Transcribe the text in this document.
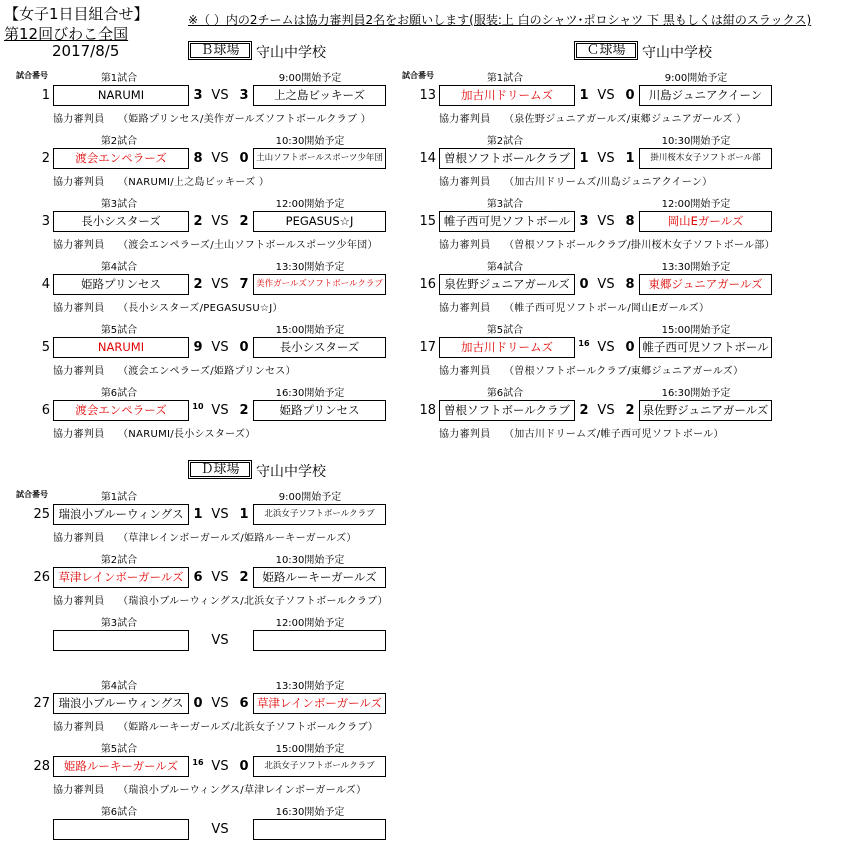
【女子1日目組合せ】	※（ ）内の2チームは協力審判員2名をお願いします(服装:上 白のシャツ･ポロシャツ 下 黒もしくは紺のスラックス)
第12回びわこ全国
2017/8/5	Ｂ球場	守山中学校
試合番号	第1試合	9:00開始予定
1	NARUMI	3 VS 3	上之島ビッキーズ
協力審判員 （姫路プリンセス/美作ガールズソフトボールクラブ ）
第2試合	10:30開始予定
2	渡会エンペラーズ	8 VS 0 土山ソフトボールスポーツ少年団
協力審判員 （NARUMI/上之島ビッキーズ ）
第3試合	12:00開始予定
3	長小シスターズ	2 VS 2	PEGASUS☆J
協力審判員 （渡会エンペラーズ/土山ソフトボールスポーツ少年団）
第4試合	13:30開始予定
4	姫路プリンセス	2 VS 7 美作ガールズソフトボールクラブ
協力審判員 （長小シスターズ/PEGASUSU☆J）
第5試合	15:00開始予定
5	NARUMI	9 VS 0	長小シスターズ
協力審判員 （渡会エンペラーズ/姫路プリンセス）
第6試合	16:30開始予定
6	渡会エンペラーズ	10 VS 2	姫路プリンセス
協力審判員 （NARUMI/長小シスターズ）
Ｃ球場	守山中学校
試合番号	第1試合	9:00開始予定
13	加古川ドリームズ	1 VS 0	川島ジュニアクイーン
協力審判員 （泉佐野ジュニアガールズ/東郷ジュニアガールズ ）
第2試合	10:30開始予定
14 曽根ソフトボールクラブ 1 VS 1	掛川桜木女子ソフトボール部
協力審判員 （加古川ドリームズ/川島ジュニアクイーン）
第3試合	12:00開始予定
15 帷子西可児ソフトボール 3 VS 8	岡山Eガールズ
協力審判員 （曽根ソフトボールクラブ/掛川桜木女子ソフトボール部）
第4試合	13:30開始予定
16 泉佐野ジュニアガールズ 0 VS 8	東郷ジュニアガールズ
協力審判員 （帷子西可児ソフトボール/岡山Eガールズ）
第5試合	15:00開始予定
17	加古川ドリームズ	16 VS 0 帷子西可児ソフトボール
協力審判員 （曽根ソフトボールクラブ/東郷ジュニアガールズ）
第6試合	16:30開始予定
18 曽根ソフトボールクラブ 2 VS 2 泉佐野ジュニアガールズ
協力審判員 （加古川ドリームズ/帷子西可児ソフトボール）
Ｄ球場	守山中学校
試合番号	第1試合	9:00開始予定
25 瑞浪小ブルーウィングス 1 VS 1	北浜女子ソフトボールクラブ
協力審判員 （草津レインボーガールズ/姫路ルーキーガールズ）
第2試合	10:30開始予定
26 草津レインボーガールズ 6 VS 2	姫路ルーキーガールズ
協力審判員 （瑞浪小ブルーウィングス/北浜女子ソフトボールクラブ）
第3試合	12:00開始予定
VS
第4試合	13:30開始予定
27 瑞浪小ブルーウィングス 0 VS 6 草津レインボーガールズ
協力審判員 （姫路ルーキーガールズ/北浜女子ソフトボールクラブ）
第5試合	15:00開始予定
28	姫路ルーキーガールズ	16 VS 0	北浜女子ソフトボールクラブ
協力審判員 （瑞浪小ブルーウィングス/草津レインボーガールズ）
第6試合	16:30開始予定
VS
